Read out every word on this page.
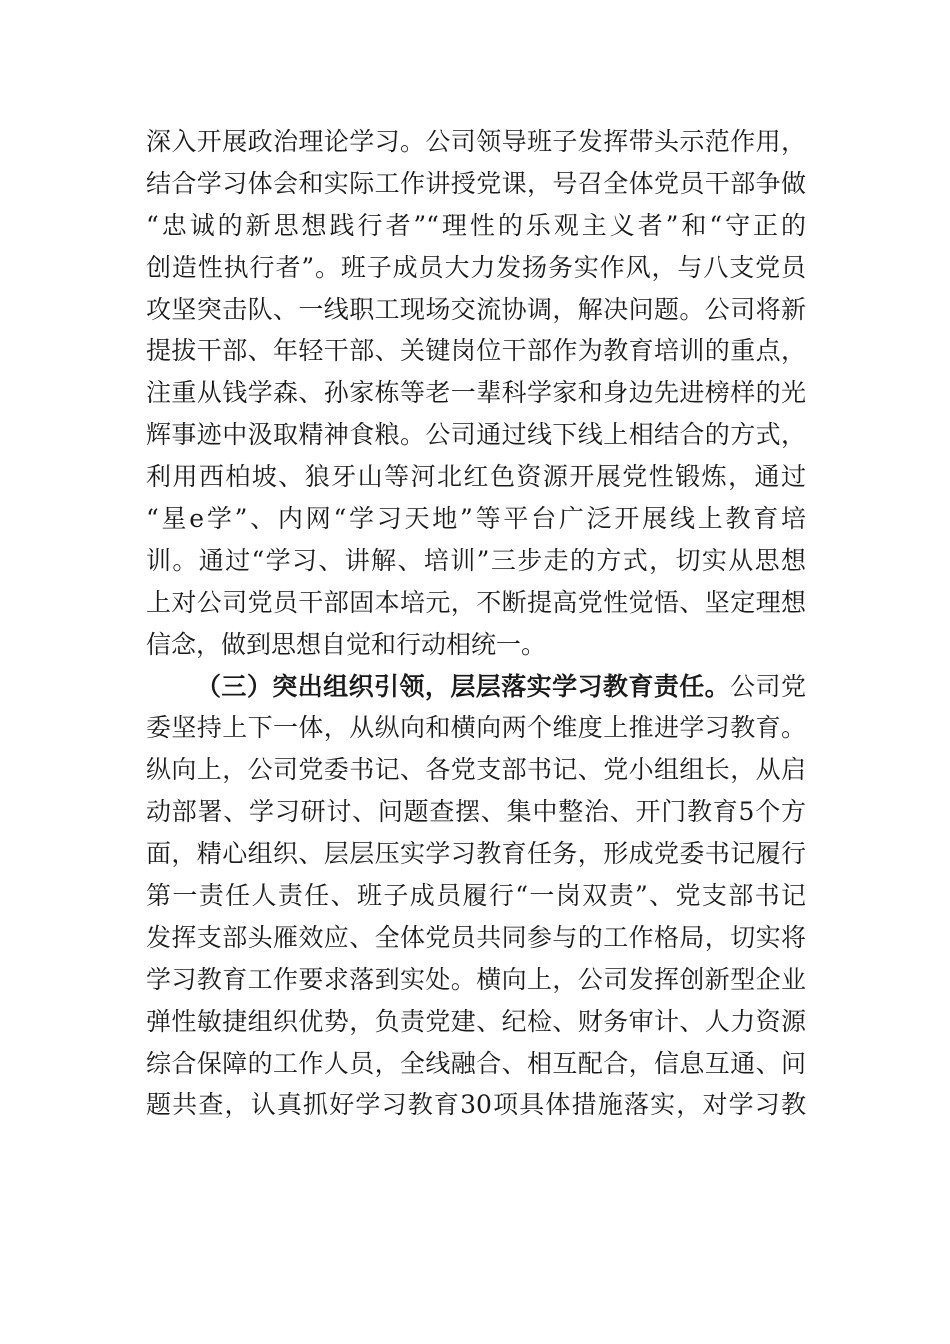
深入开展政治理论学习。公司领导班子发挥带头示范作用，
结合学习体会和实际工作讲授党课，号召全体党员干部争做
“忠诚的新思想践行者”“理性的乐观主义者”和“守正的
创造性执行者”。班子成员大力发扬务实作风，与八支党员
攻坚突击队、一线职工现场交流协调，解决问题。公司将新
提拔干部、年轻干部、关键岗位干部作为教育培训的重点，
注重从钱学森、孙家栋等老一辈科学家和身边先进榜样的光
辉事迹中汲取精神食粮。公司通过线下线上相结合的方式，
利用西柏坡、狼牙山等河北红色资源开展党性锻炼，通过
“星e学”、内网“学习天地”等平台广泛开展线上教育培
训。通过“学习、讲解、培训”三步走的方式，切实从思想
上对公司党员干部固本培元，不断提高党性觉悟、坚定理想
信念，做到思想自觉和行动相统一。
（三）突出组织引领，层层落实学习教育责任。公司党
委坚持上下一体，从纵向和横向两个维度上推进学习教育。
纵向上，公司党委书记、各党支部书记、党小组组长，从启
动部署、学习研讨、问题查摆、集中整治、开门教育5个方
面，精心组织、层层压实学习教育任务，形成党委书记履行
第一责任人责任、班子成员履行“一岗双责”、党支部书记
发挥支部头雁效应、全体党员共同参与的工作格局，切实将
学习教育工作要求落到实处。横向上，公司发挥创新型企业
弹性敏捷组织优势，负责党建、纪检、财务审计、人力资源
综合保障的工作人员，全线融合、相互配合，信息互通、问
题共查，认真抓好学习教育30项具体措施落实，对学习教
